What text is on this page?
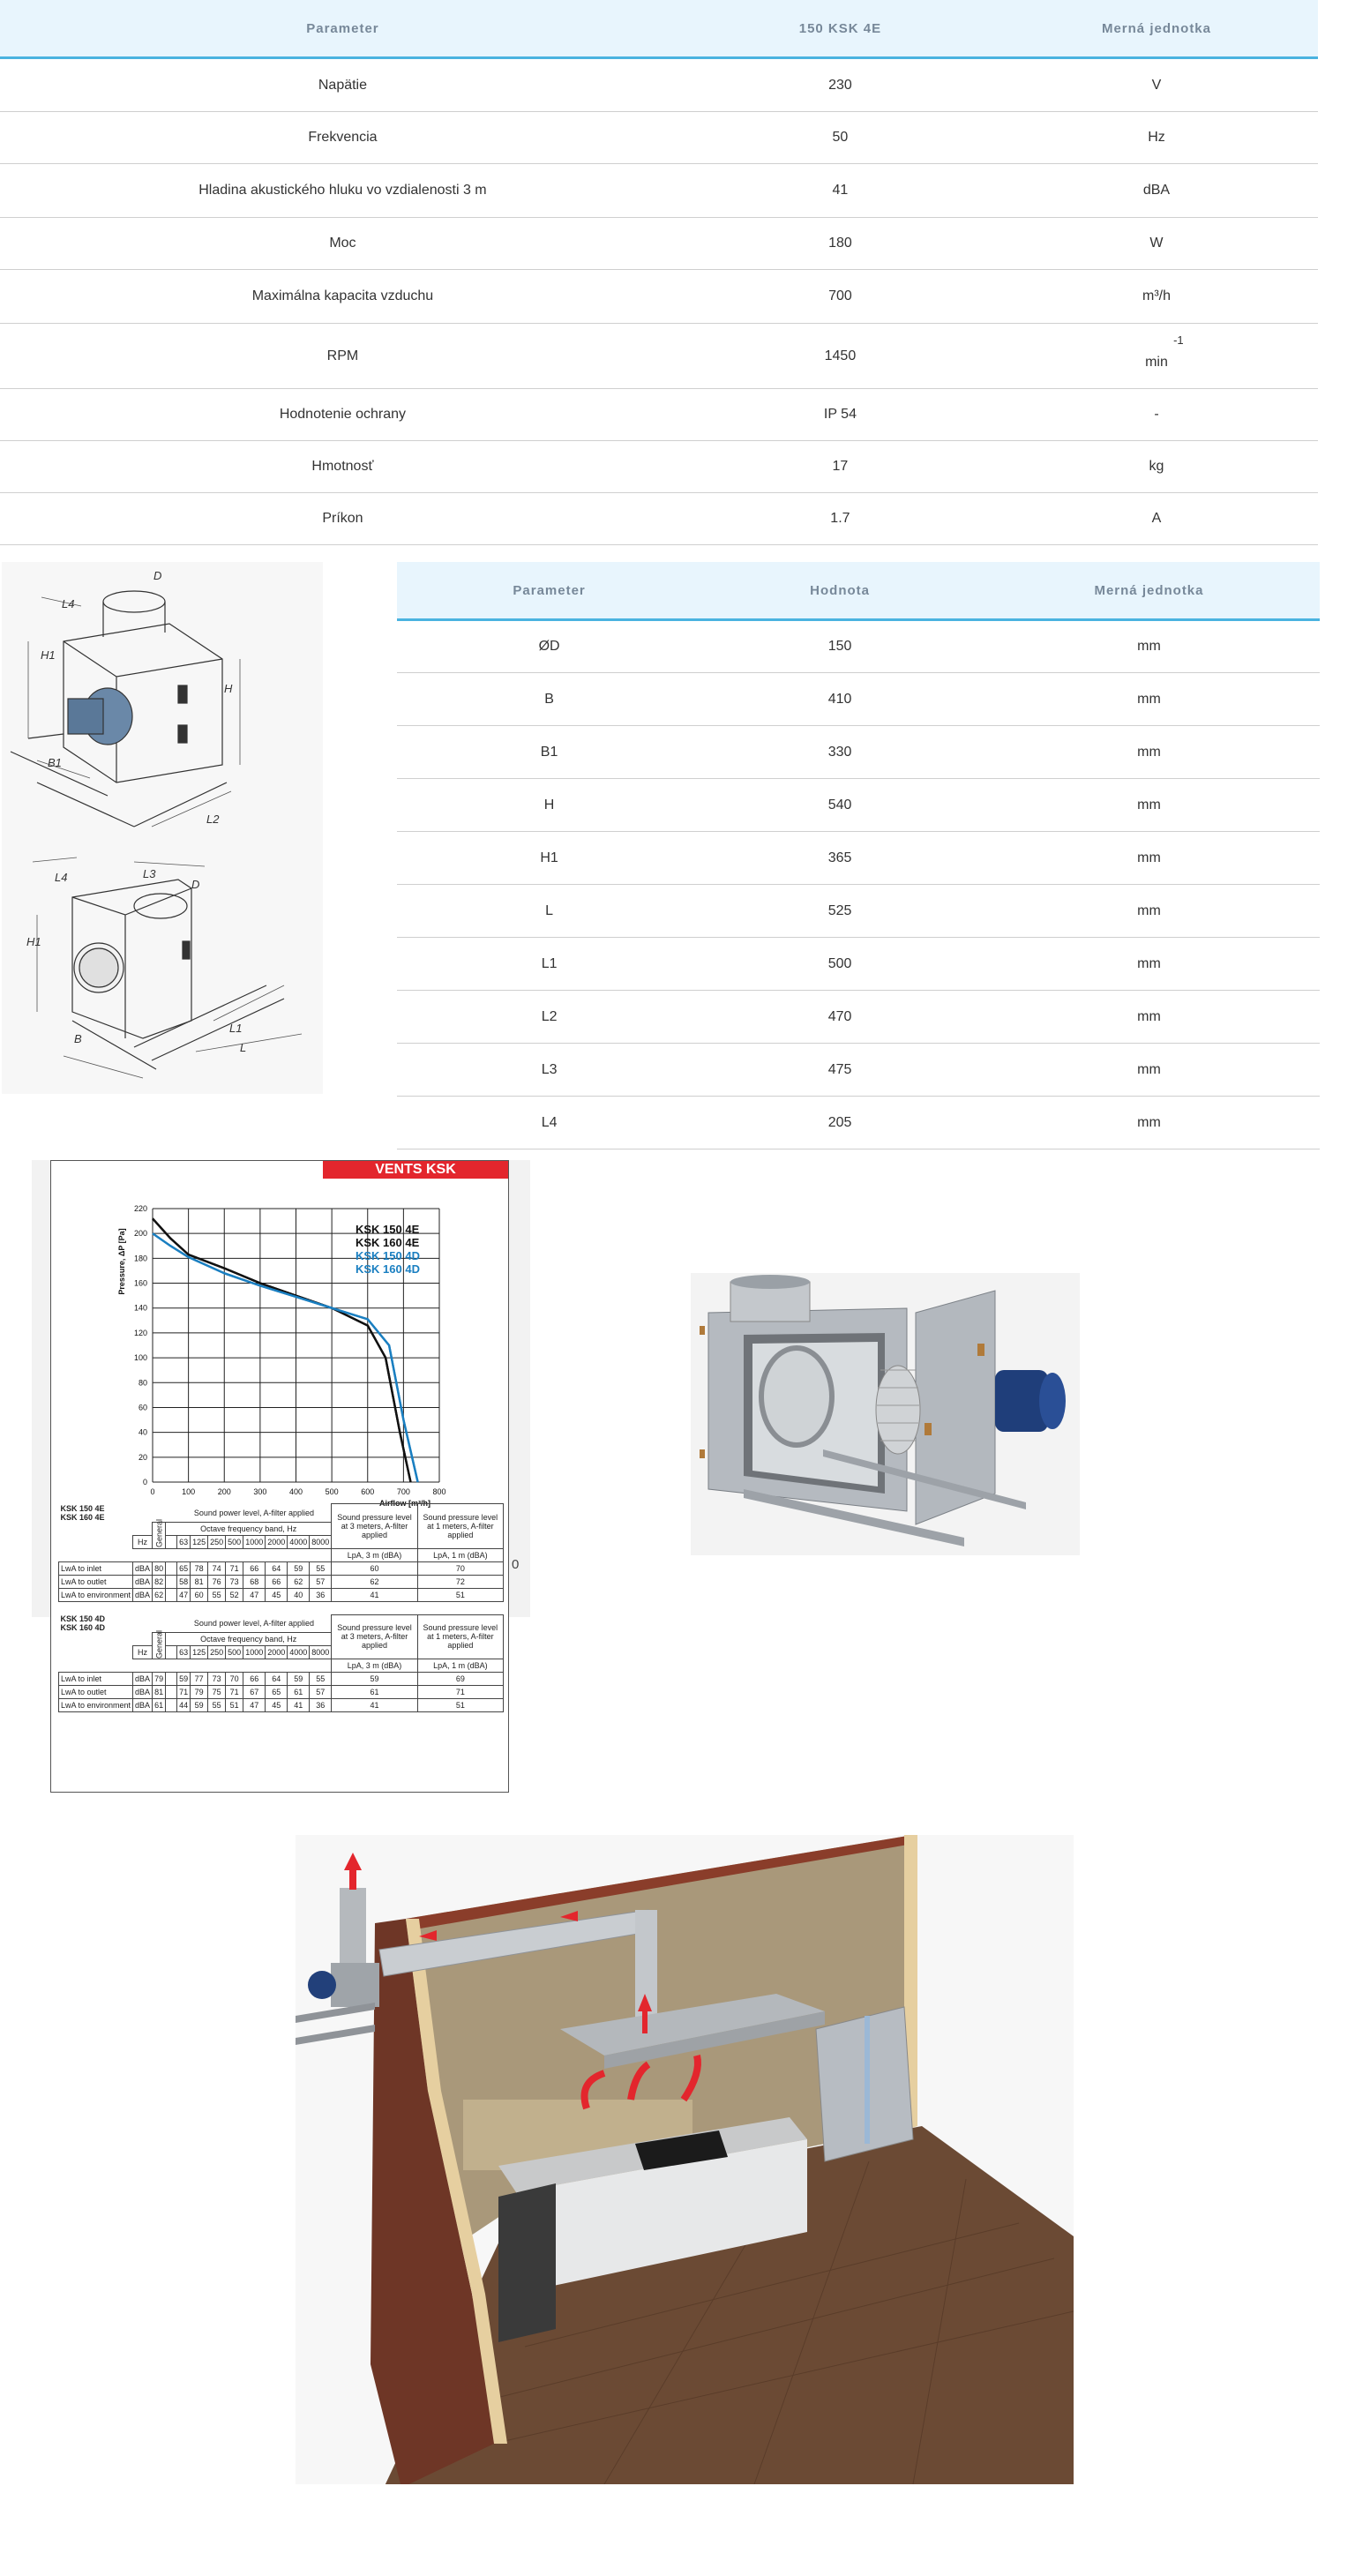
Parameter	150 KSK 4E	Merná jednotka
Napätie	230	V
Frekvencia	50	Hz
Hladina akustického hluku vo vzdialenosti 3 m	41	dBA
Moc	180	W
Maximálna kapacita vzduchu	700	m³/h
RPM	1450	$^{-1}$
min
Hodnotenie ochrany	IP 54	-
Hmotnosť	17	kg
Príkon	1.7	A
L4
D
H1
H
B1
L2
L4	L3
D
H1
B
L1
L
Parameter	Hodnota	Merná jednotka
ØD	150	mm
B	410	mm
B1	330	mm
H	540	mm
H1	365	mm
L	525	mm
L1	500	mm
L2	470	mm
L3	475	mm
L4	205	mm
VENTS KSK
0	100	200	300	400	500	600	700	800
0
20
40
60
80
100
120
140
160
180
200
220
Pressure, ΔP [Pa]
Airflow [m³/h]
KSK 150 4E
KSK 160 4E
KSK 150 4D
KSK 160 4D
KSK 150 4E
KSK 160 4E				Sound power level, A-filter applied								Sound pressure level at 3 meters, A-filter applied	Sound pressure level at 1 meters, A-filter applied
		General	Octave frequency band, Hz										
	Hz			63	125	250	500	1000	2000	4000	8000		
												LpA, 3 m (dBA)	LpA, 1 m (dBA)
LwA to inlet	dBA	80		65	78	74	71	66	64	59	55	60	70
LwA to outlet	dBA	82		58	81	76	73	68	66	62	57	62	72
LwA to environment	dBA	62		47	60	55	52	47	45	40	36	41	51
KSK 150 4D
KSK 160 4D				Sound power level, A-filter applied								Sound pressure level at 3 meters, A-filter applied	Sound pressure level at 1 meters, A-filter applied
		General	Octave frequency band, Hz										
	Hz			63	125	250	500	1000	2000	4000	8000		
												LpA, 3 m (dBA)	LpA, 1 m (dBA)
LwA to inlet	dBA	79		59	77	73	70	66	64	59	55	59	69
LwA to outlet	dBA	81		71	79	75	71	67	65	61	57	61	71
LwA to environment	dBA	61		44	59	55	51	47	45	41	36	41	51
0
